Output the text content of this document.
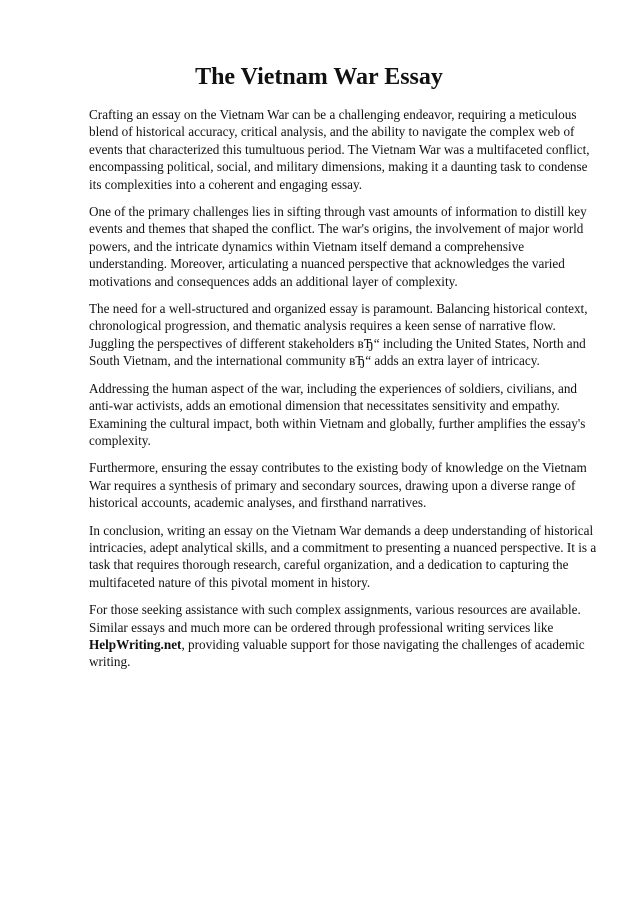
The Vietnam War Essay

Crafting an essay on the Vietnam War can be a challenging endeavor, requiring a meticulous blend of historical accuracy, critical analysis, and the ability to navigate the complex web of events that characterized this tumultuous period. The Vietnam War was a multifaceted conflict, encompassing political, social, and military dimensions, making it a daunting task to condense its complexities into a coherent and engaging essay.

One of the primary challenges lies in sifting through vast amounts of information to distill key events and themes that shaped the conflict. The war's origins, the involvement of major world powers, and the intricate dynamics within Vietnam itself demand a comprehensive understanding. Moreover, articulating a nuanced perspective that acknowledges the varied motivations and consequences adds an additional layer of complexity.

The need for a well-structured and organized essay is paramount. Balancing historical context, chronological progression, and thematic analysis requires a keen sense of narrative flow. Juggling the perspectives of different stakeholders вЂ“ including the United States, North and South Vietnam, and the international community вЂ“ adds an extra layer of intricacy.

Addressing the human aspect of the war, including the experiences of soldiers, civilians, and anti-war activists, adds an emotional dimension that necessitates sensitivity and empathy. Examining the cultural impact, both within Vietnam and globally, further amplifies the essay's complexity.

Furthermore, ensuring the essay contributes to the existing body of knowledge on the Vietnam War requires a synthesis of primary and secondary sources, drawing upon a diverse range of historical accounts, academic analyses, and firsthand narratives.

In conclusion, writing an essay on the Vietnam War demands a deep understanding of historical intricacies, adept analytical skills, and a commitment to presenting a nuanced perspective. It is a task that requires thorough research, careful organization, and a dedication to capturing the multifaceted nature of this pivotal moment in history.

For those seeking assistance with such complex assignments, various resources are available. Similar essays and much more can be ordered through professional writing services like HelpWriting.net, providing valuable support for those navigating the challenges of academic writing.
